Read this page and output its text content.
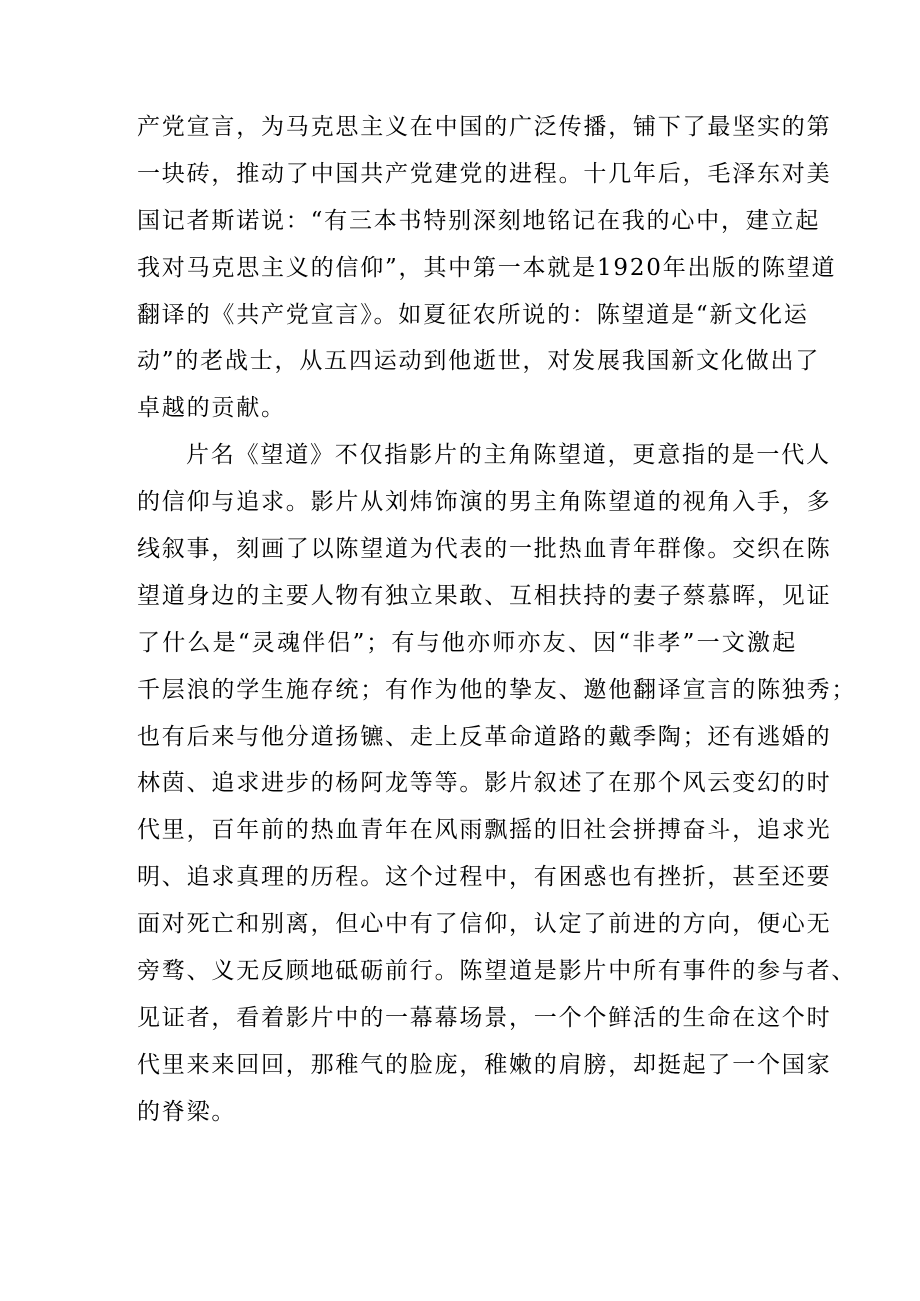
产党宣言，为马克思主义在中国的广泛传播，铺下了最坚实的第
一块砖，推动了中国共产党建党的进程。十几年后，毛泽东对美
国记者斯诺说：“有三本书特别深刻地铭记在我的心中，建立起
我对马克思主义的信仰”，其中第一本就是1920年出版的陈望道
翻译的《共产党宣言》。如夏征农所说的：陈望道是“新文化运
动”的老战士，从五四运动到他逝世，对发展我国新文化做出了
卓越的贡献。
片名《望道》不仅指影片的主角陈望道，更意指的是一代人
的信仰与追求。影片从刘炜饰演的男主角陈望道的视角入手，多
线叙事，刻画了以陈望道为代表的一批热血青年群像。交织在陈
望道身边的主要人物有独立果敢、互相扶持的妻子蔡慕晖，见证
了什么是“灵魂伴侣”；有与他亦师亦友、因“非孝”一文激起
千层浪的学生施存统；有作为他的挚友、邀他翻译宣言的陈独秀；
也有后来与他分道扬镳、走上反革命道路的戴季陶；还有逃婚的
林茵、追求进步的杨阿龙等等。影片叙述了在那个风云变幻的时
代里，百年前的热血青年在风雨飘摇的旧社会拼搏奋斗，追求光
明、追求真理的历程。这个过程中，有困惑也有挫折，甚至还要
面对死亡和别离，但心中有了信仰，认定了前进的方向，便心无
旁骛、义无反顾地砥砺前行。陈望道是影片中所有事件的参与者、
见证者，看着影片中的一幕幕场景，一个个鲜活的生命在这个时
代里来来回回，那稚气的脸庞，稚嫩的肩膀，却挺起了一个国家
的脊梁。
